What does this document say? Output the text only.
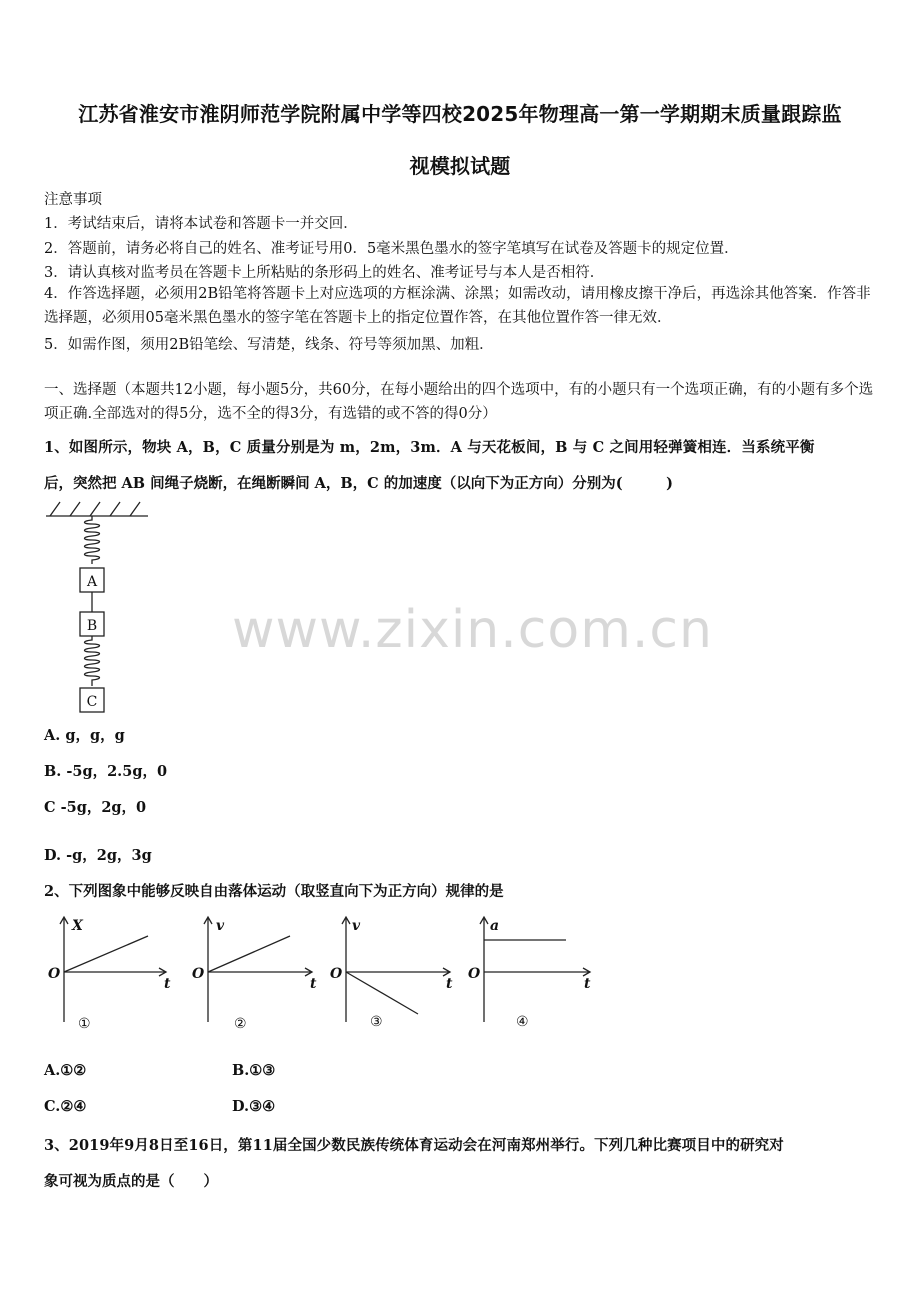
江苏省淮安市淮阴师范学院附属中学等四校2025年物理高一第一学期期末质量跟踪监
视模拟试题
注意事项
1．考试结束后，请将本试卷和答题卡一并交回．
2．答题前，请务必将自己的姓名、准考证号用0．5毫米黑色墨水的签字笔填写在试卷及答题卡的规定位置．
3．请认真核对监考员在答题卡上所粘贴的条形码上的姓名、准考证号与本人是否相符．
4．作答选择题，必须用2B铅笔将答题卡上对应选项的方框涂满、涂黑；如需改动，请用橡皮擦干净后，再选涂其他答案．作答非选择题，必须用05毫米黑色墨水的签字笔在答题卡上的指定位置作答，在其他位置作答一律无效．
5．如需作图，须用2B铅笔绘、写清楚，线条、符号等须加黑、加粗．
一、选择题（本题共12小题，每小题5分，共60分，在每小题给出的四个选项中，有的小题只有一个选项正确，有的小题有多个选项正确.全部选对的得5分，选不全的得3分，有选错的或不答的得0分）
1、如图所示，物块 A，B，C 质量分别是为 m，2m，3m．A 与天花板间，B 与 C 之间用轻弹簧相连．当系统平衡
后，突然把 AB 间绳子烧断，在绳断瞬间 A，B，C 的加速度（以向下为正方向）分别为(　　　)
A
B
C
A. g，g，g
B. -5g，2.5g，0
C -5g，2g，0
D. -g，2g，3g
www.zixin.com.cn
2、下列图象中能够反映自由落体运动（取竖直向下为正方向）规律的是
X
O
t
①
v
O
t
②
v
O
t
③
a
O
t
④
A.①②	B.①③
C.②④	D.③④
3、2019年9月8日至16日，第11届全国少数民族传统体育运动会在河南郑州举行。下列几种比赛项目中的研究对
象可视为质点的是（　　）
